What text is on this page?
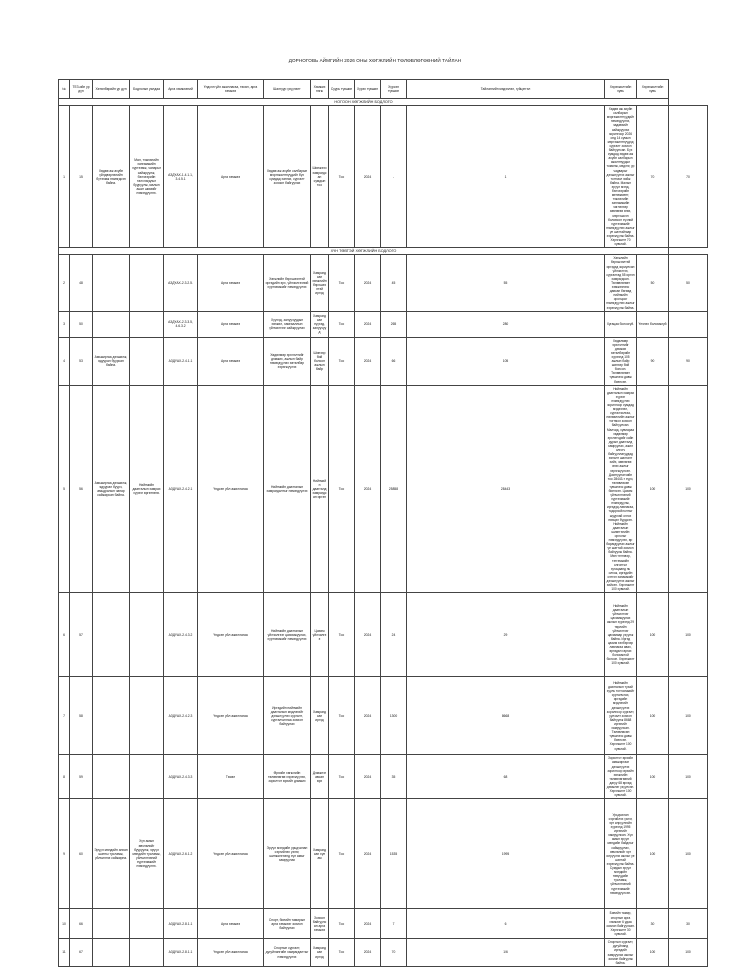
ДОРНОГОВЬ АЙМГИЙН 2026 ОНЫ ХӨГЖЛИЙН ТӨЛӨВЛӨГӨӨНИЙ ТАЙЛАН
№	ТЕЗ-ийн ур дүн	Хөтөлбөрийн ур дүн	Бодлогын уялдаа	Арга хэмжээний	Үндсэн үйл ажиллагаа, төсөл, арга хэмжээ	Шалгуур үзүүлэлт	Хэмжих нэгж	Суурь түвшин	Хүрэх түвшин	Хүрсэн түвшин	Тайлангийн мэдээлэл, гүйцэтгэл	Хэрэгжилтийн хувь	Хэрэгжилтийн хувь	
НОГООН ХӨГЖЛИЙН БОДЛОГО														
1	15	Хөдөө аж ахуйн үйлдвэрлэлийн бүтээмж нэмэгдсэн байна.	Мал, тэжээлийн хангамжийн хүртээмж, чанарыг сайжруулж, бэлчээрийн талхлагдлыг бууруулж, малын ашиг шимийг нэмэгдүүлнэ.	АЗДҮАХ-1.4.1.1, 3.4.5.1	Арга хэмжээ	Хөдөө аж ахуйн салбарын мэргэжилтнүүдийг бүх сумдад хангах, сургалт зохион байгуулах	Шинжээч хамрагдсан сумдын тоо	Тоо	2024	-	1	Хөдөө аж ахуйн салбарын мэргэжилтнүүдийг нэмэгдүүлэх, чадавхийг сайжруулах зорилгоор 2026 онд 14 сумын мэргэжилтнүүдэд сургалт зохион байгуулсан. Бүх сумдад хөдөө аж ахуйн салбарын ажилтнуудыг томилж, мэдлэг, ур чадварыг дээшлүүлэх ажлыг тогтмол хийж байна. Малын эрүүл мэнд, бэлчээрийн менежмент, тэжээлийн хангамжийн чиглэлээр зөвлөгөө өгөх, мэргэшсэн боловсон хүчний хүртээмжийг нэмэгдүүлэх ажлыг үе шаттайгаар хэрэгжүүлж байна. Хэрэгжилт 70 хувьтай.	70	70
ХҮН ТӨВТЭЙ ХӨГЖЛИЙН БОДЛОГО														
2	48			АЗДҮАХ-2.3.2.5.	Арга хэмжээ	Хөгжлийн бэрхшээлтэй иргэдийн эрх, үйлчилгээний хүртээмжийг нэмэгдүүлэх	Хамрагдсан хөгжлийн бэрхшээлтэй иргэд	Тоо	2024	45	55	Хөгжлийн бэрхшээлтэй иргэдэд зориулсан үйлчилгээ, сургалтад 55 иргэн хамрагдсан. Төлөвлөгөөт хэмжээнээс давсан бөгөөд нийгмийн оролцоог нэмэгдүүлэх ажлыг хэрэгжүүлж байна.	50	50
3	50			АЗДҮАХ-2.3.3.5, 4.6.3.2	Арга хэмжээ	Хүүхэд, залуучуудын хөгжил, хамгааллын үйлчилгээг сайжруулах	Хамрагдсан хүүхэд, залуучууд	Тоо	2024	265	280	Хугацаа болоогүй.	Үнэлэх боломжгүй	
4	53	Амьжиргаа дээшилж, ядуурал буурсан байна.		АЗДҮАХ-2.4.1.1	Арга хэмжээ	Хөдөлмөр эрхлэлтийг дэмжих, ажлын байр нэмэгдүүлэх хөтөлбөр хэрэгжүүлэх	Шинээр бий болсон ажлын байр	Тоо	2024	66	105	Хөдөлмөр эрхлэлтийг дэмжих хөтөлбөрийн хүрээнд 105 ажлын байр шинээр бий болсон. Төлөвлөгөөт түвшнээс давж биелсэн.	90	90
5	56	Амьжиргаа дээшилж, ядуурал буурч, амьдралын чанар сайжирсан байна.	Нийгмийн даатгалын хамрах хүрээг өргөтгөнө.	АЗДҮАХ-2.4.2.1	Үндсэн үйл ажиллагаа	Нийгмийн даатгалын хамрагдалтыг нэмэгдүүлэх	Нийгмийн даатгалд хамрагдсан иргэн	Тоо	2024	25858	28443	Нийгмийн даатгалын хамрах хүрээг нэмэгдүүлэх зорилгоор сумдад мэдээлэл, сурталчилгаа, нөлөөллийн ажлыг тогтмол зохион байгуулсан. Малчид, хувиараа хөдөлмөр эрхлэгчдийг сайн дурын даатгалд хамруулах, ажил олгогч байгууллагуудад хяналт шалгалт хийх, зөвлөгөө өгөх ажлыг хэрэгжүүлсэн. Даатгуулагчийн тоо 28443-т хүрч, төлөвлөсөн түвшнээс давж биелсэн. Цахим үйлчилгээний хүртээмжийг нэмэгдүүлж, иргэдэд лавлагаа, тодорхойлолтыг шуурхай олгох нөхцөл бүрдсэн. Нийгмийн даатгалын шимтгэлийн орлогыг нэмэгдүүлэх, өр барагдуулах ажлыг үе шаттай зохион байгуулж байна. Мөн тэтгэвэр, тэтгэмжийн олголтыг хугацаанд нь олгож, иргэдийн сэтгэл ханамжийг дээшлүүлэх ажлыг хийсэн. Хэрэгжилт 100 хувьтай.	100	100
6	57			АЗДҮАХ-2.4.3.2	Үндсэн үйл ажиллагаа	Нийгмийн даатгалын үйлчилгээг цахимжуулах, хүртээмжийг нэмэгдүүлэх	Цахим үйлчилгээ	Тоо	2024	24	29	Нийгмийн даатгалын үйлчилгээг цахимжуулах ажлын хүрээнд 29 төрлийн үйлчилгээг цахимаар үзүүлж байна. Иргэд цахим хэлбэрээр лавлагаа авах, өргөдөл гаргах боломжтой болсон. Хэрэгжилт 100 хувьтай.	100	100
7	58			АЗДҮАХ-2.4.2.3	Үндсэн үйл ажиллагаа	Иргэдийн нийгмийн даатгалын мэдлэгийг дээшлүүлэх сургалт, сурталчилгаа зохион байгуулах	Хамрагдсан иргэд	Тоо	2024	1300	8668	Нийгмийн даатгалын тухай хууль тогтоомжийг сурталчлах, иргэдийн мэдлэгийг дээшлүүлэх зорилгоор сургалт, уулзалт зохион байгуулж 8668 иргэнийг хамруулсан. Төлөвлөсөн түвшнээс давж биелсэн. Хэрэгжилт 100 хувьтай.	100	100
8	59			АЗДҮАХ-2.4.3.3	Төсөл	Өрхийн хөгжлийн төлөвлөгөө хэрэгжүүлэх, зорилтот өрхийг дэмжих	Дэмжлэг авсан өрх	Тоо	2024	35	68	Зорилтот өрхийн амьжиргааг дээшлүүлэх зорилгоор өрхийн хөгжлийн төлөвлөгөөний дагуу 68 өрхөд дэмжлэг үзүүлсэн. Хэрэгжилт 100 хувьтай.	100	100
9	60	Эрүүл мэндийн анхан шатны тусламж, үйлчилгээ сайжирна.	Хүн амын өвчлөлийг бууруулж, эрүүл мэндийн тусламж, үйлчилгээний хүртээмжийг нэмэгдүүлнэ.	АЗДҮАХ-2.6.1.2	Үндсэн үйл ажиллагаа	Эрүүл мэндийн урьдчилан сэргийлэх үзлэг, шинжилгээнд хүн амыг хамруулах	Хамрагдсан хүн ам	Тоо	2024	1535	1995	Урьдчилан сэргийлэх үзлэг, эрт илрүүлгийн хүрээнд 1995 иргэнийг хамруулсан. Хүн амын эрүүл мэндийн байдлыг сайжруулах, өвчлөлийг эрт илрүүлэх ажлыг үе шаттай хэрэгжүүлж байна. Сумдын эрүүл мэндийн төвүүдийн тусламж, үйлчилгээний хүртээмжийг нэмэгдүүлсэн.	100	100
10	66			АЗДҮАХ-2.8.1.1	Арга хэмжээ	Спорт, биеийн тамирын арга хэмжээг зохион байгуулах	Зохион байгуулсан арга хэмжээ	Тоо	2024	7	6	Биеийн тамир, спортын арга хэмжээг 6 удаа зохион байгуулсан. Хэрэгжилт 30 хувьтай.	30	30
11	67			АЗДҮАХ-2.8.1.1	Үндсэн үйл ажиллагаа	Спортын сургалт, дугуйлангийн хамрагдалтыг нэмэгдүүлэх	Хамрагдсан иргэд	Тоо	2024	70	1/6	Спортын сургалт, дугуйланд иргэдийг хамруулах ажлыг зохион байгуулж байна.	100	100
